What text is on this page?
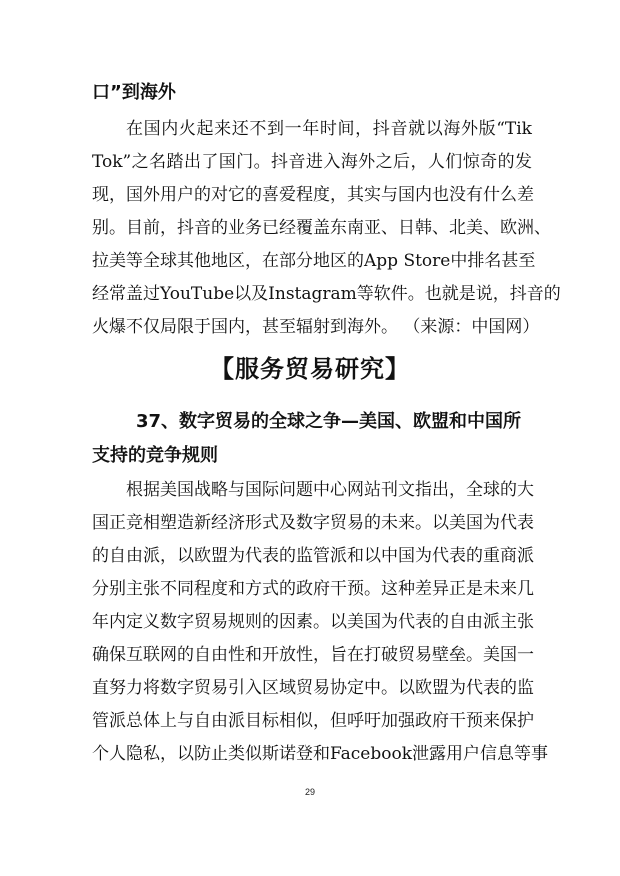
口”到海外
在国内火起来还不到一年时间，抖音就以海外版“Tik
Tok”之名踏出了国门。抖音进入海外之后，人们惊奇的发
现，国外用户的对它的喜爱程度，其实与国内也没有什么差
别。目前，抖音的业务已经覆盖东南亚、日韩、北美、欧洲、
拉美等全球其他地区，在部分地区的App Store中排名甚至
经常盖过YouTube以及Instagram等软件。也就是说，抖音的
火爆不仅局限于国内，甚至辐射到海外。 （来源：中国网）
【服务贸易研究】
37、数字贸易的全球之争—美国、欧盟和中国所
支持的竞争规则
根据美国战略与国际问题中心网站刊文指出，全球的大
国正竞相塑造新经济形式及数字贸易的未来。以美国为代表
的自由派，以欧盟为代表的监管派和以中国为代表的重商派
分别主张不同程度和方式的政府干预。这种差异正是未来几
年内定义数字贸易规则的因素。以美国为代表的自由派主张
确保互联网的自由性和开放性，旨在打破贸易壁垒。美国一
直努力将数字贸易引入区域贸易协定中。以欧盟为代表的监
管派总体上与自由派目标相似，但呼吁加强政府干预来保护
个人隐私，以防止类似斯诺登和Facebook泄露用户信息等事
29
